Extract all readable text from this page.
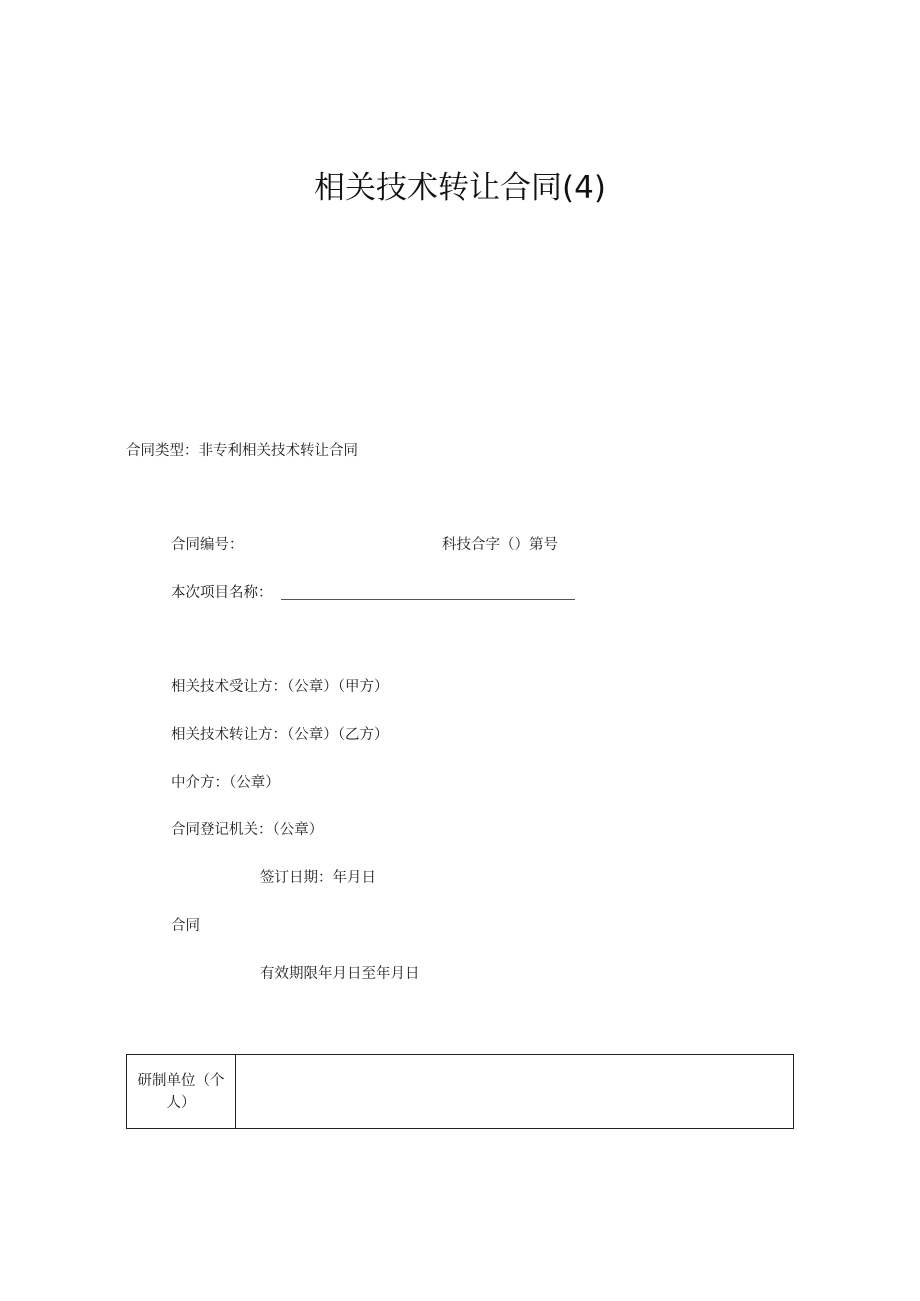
相关技术转让合同(4)
合同类型：非专利相关技术转让合同
合同编号：	科技合字（）第号
本次项目名称：
相关技术受让方：（公章）（甲方）
相关技术转让方：（公章）（乙方）
中介方：（公章）
合同登记机关：（公章）
签订日期：年月日
合同
有效期限年月日至年月日
研制单位（个人）	
